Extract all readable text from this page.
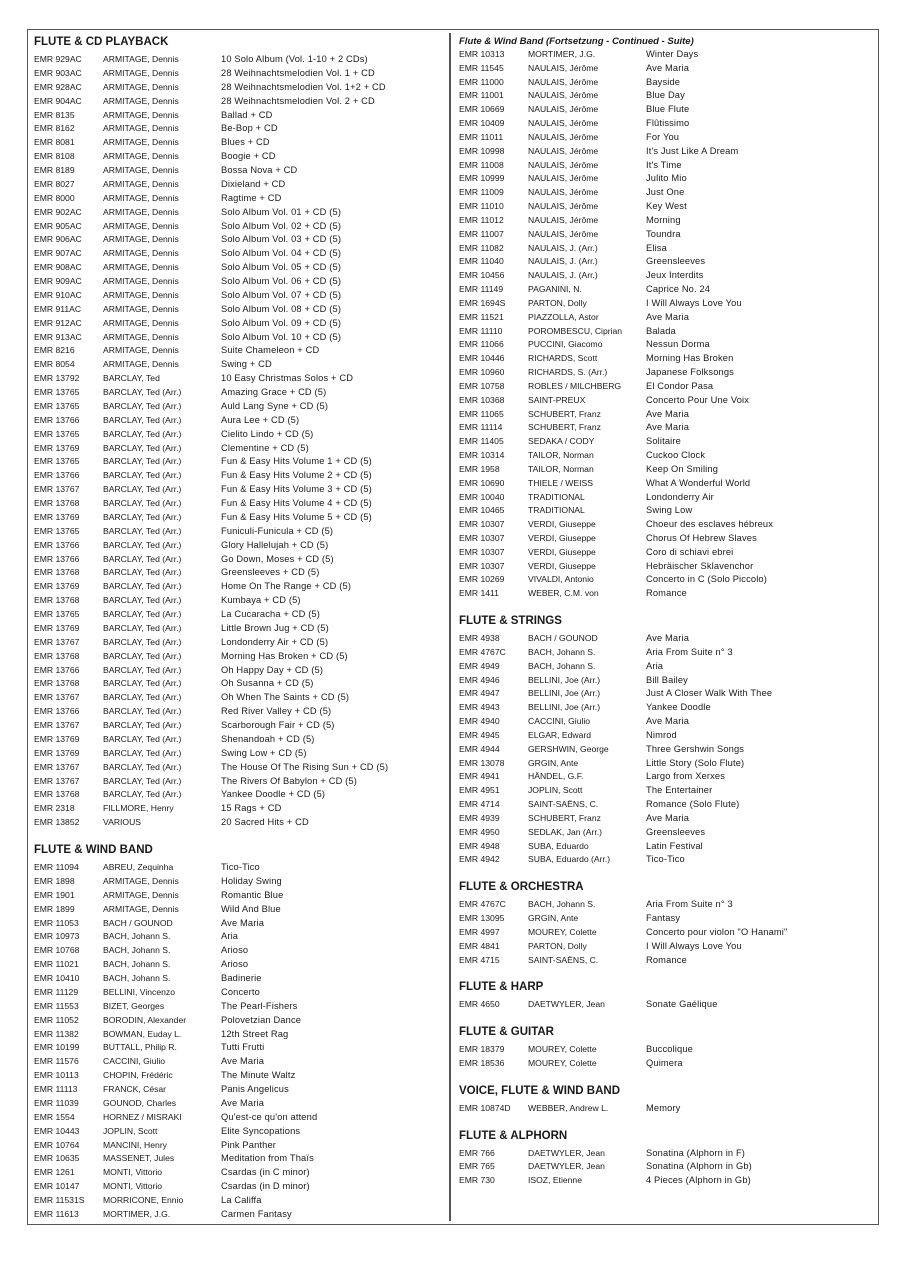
FLUTE & CD PLAYBACK
EMR 929AC	ARMITAGE, Dennis	10 Solo Album (Vol. 1-10 + 2 CDs)
EMR 903AC	ARMITAGE, Dennis	28 Weihnachtsmelodien Vol. 1 + CD
EMR 928AC	ARMITAGE, Dennis	28 Weihnachtsmelodien Vol. 1+2 + CD
EMR 904AC	ARMITAGE, Dennis	28 Weihnachtsmelodien Vol. 2 + CD
EMR 8135	ARMITAGE, Dennis	Ballad + CD
EMR 8162	ARMITAGE, Dennis	Be-Bop + CD
EMR 8081	ARMITAGE, Dennis	Blues + CD
EMR 8108	ARMITAGE, Dennis	Boogie + CD
EMR 8189	ARMITAGE, Dennis	Bossa Nova + CD
EMR 8027	ARMITAGE, Dennis	Dixieland + CD
EMR 8000	ARMITAGE, Dennis	Ragtime + CD
EMR 902AC	ARMITAGE, Dennis	Solo Album Vol. 01 + CD (5)
EMR 905AC	ARMITAGE, Dennis	Solo Album Vol. 02 + CD (5)
EMR 906AC	ARMITAGE, Dennis	Solo Album Vol. 03 + CD (5)
EMR 907AC	ARMITAGE, Dennis	Solo Album Vol. 04 + CD (5)
EMR 908AC	ARMITAGE, Dennis	Solo Album Vol. 05 + CD (5)
EMR 909AC	ARMITAGE, Dennis	Solo Album Vol. 06 + CD (5)
EMR 910AC	ARMITAGE, Dennis	Solo Album Vol. 07 + CD (5)
EMR 911AC	ARMITAGE, Dennis	Solo Album Vol. 08 + CD (5)
EMR 912AC	ARMITAGE, Dennis	Solo Album Vol. 09 + CD (5)
EMR 913AC	ARMITAGE, Dennis	Solo Album Vol. 10 + CD (5)
EMR 8216	ARMITAGE, Dennis	Suite Chameleon + CD
EMR 8054	ARMITAGE, Dennis	Swing + CD
EMR 13792	BARCLAY, Ted	10 Easy Christmas Solos + CD
EMR 13765	BARCLAY, Ted (Arr.)	Amazing Grace + CD (5)
EMR 13765	BARCLAY, Ted (Arr.)	Auld Lang Syne + CD (5)
EMR 13766	BARCLAY, Ted (Arr.)	Aura Lee + CD (5)
EMR 13765	BARCLAY, Ted (Arr.)	Cielito Lindo + CD (5)
EMR 13769	BARCLAY, Ted (Arr.)	Clementine + CD (5)
EMR 13765	BARCLAY, Ted (Arr.)	Fun & Easy Hits Volume 1 + CD (5)
EMR 13766	BARCLAY, Ted (Arr.)	Fun & Easy Hits Volume 2 + CD (5)
EMR 13767	BARCLAY, Ted (Arr.)	Fun & Easy Hits Volume 3 + CD (5)
EMR 13768	BARCLAY, Ted (Arr.)	Fun & Easy Hits Volume 4 + CD (5)
EMR 13769	BARCLAY, Ted (Arr.)	Fun & Easy Hits Volume 5 + CD (5)
EMR 13765	BARCLAY, Ted (Arr.)	Funiculi-Funicula + CD (5)
EMR 13766	BARCLAY, Ted (Arr.)	Glory Hallelujah + CD (5)
EMR 13766	BARCLAY, Ted (Arr.)	Go Down, Moses + CD (5)
EMR 13768	BARCLAY, Ted (Arr.)	Greensleeves + CD (5)
EMR 13769	BARCLAY, Ted (Arr.)	Home On The Range + CD (5)
EMR 13768	BARCLAY, Ted (Arr.)	Kumbaya + CD (5)
EMR 13765	BARCLAY, Ted (Arr.)	La Cucaracha + CD (5)
EMR 13769	BARCLAY, Ted (Arr.)	Little Brown Jug + CD (5)
EMR 13767	BARCLAY, Ted (Arr.)	Londonderry Air + CD (5)
EMR 13768	BARCLAY, Ted (Arr.)	Morning Has Broken + CD (5)
EMR 13766	BARCLAY, Ted (Arr.)	Oh Happy Day + CD (5)
EMR 13768	BARCLAY, Ted (Arr.)	Oh Susanna + CD (5)
EMR 13767	BARCLAY, Ted (Arr.)	Oh When The Saints + CD (5)
EMR 13766	BARCLAY, Ted (Arr.)	Red River Valley + CD (5)
EMR 13767	BARCLAY, Ted (Arr.)	Scarborough Fair + CD (5)
EMR 13769	BARCLAY, Ted (Arr.)	Shenandoah + CD (5)
EMR 13769	BARCLAY, Ted (Arr.)	Swing Low + CD (5)
EMR 13767	BARCLAY, Ted (Arr.)	The House Of The Rising Sun + CD (5)
EMR 13767	BARCLAY, Ted (Arr.)	The Rivers Of Babylon + CD (5)
EMR 13768	BARCLAY, Ted (Arr.)	Yankee Doodle + CD (5)
EMR 2318	FILLMORE, Henry	15 Rags + CD
EMR 13852	VARIOUS	20 Sacred Hits + CD
FLUTE & WIND BAND
EMR 11094	ABREU, Zequinha	Tico-Tico
EMR 1898	ARMITAGE, Dennis	Holiday Swing
EMR 1901	ARMITAGE, Dennis	Romantic Blue
EMR 1899	ARMITAGE, Dennis	Wild And Blue
EMR 11053	BACH / GOUNOD	Ave Maria
EMR 10973	BACH, Johann S.	Aria
EMR 10768	BACH, Johann S.	Arioso
EMR 11021	BACH, Johann S.	Arioso
EMR 10410	BACH, Johann S.	Badinerie
EMR 11129	BELLINI, Vincenzo	Concerto
EMR 11553	BIZET, Georges	The Pearl-Fishers
EMR 11052	BORODIN, Alexander	Polovetzian Dance
EMR 11382	BOWMAN, Euday L.	12th Street Rag
EMR 10199	BUTTALL, Philip R.	Tutti Frutti
EMR 11576	CACCINI, Giulio	Ave Maria
EMR 10113	CHOPIN, Frédéric	The Minute Waltz
EMR 11113	FRANCK, César	Panis Angelicus
EMR 11039	GOUNOD, Charles	Ave Maria
EMR 1554	HORNEZ / MISRAKI	Qu'est-ce qu'on attend
EMR 10443	JOPLIN, Scott	Elite Syncopations
EMR 10764	MANCINI, Henry	Pink Panther
EMR 10635	MASSENET, Jules	Meditation from Thaïs
EMR 1261	MONTI, Vittorio	Csardas (in C minor)
EMR 10147	MONTI, Vittorio	Csardas (in D minor)
EMR 11531S	MORRICONE, Ennio	La Califfa
EMR 11613	MORTIMER, J.G.	Carmen Fantasy
Flute & Wind Band (Fortsetzung - Continued - Suite)
EMR 10313	MORTIMER, J.G.	Winter Days
EMR 11545	NAULAIS, Jérôme	Ave Maria
EMR 11000	NAULAIS, Jérôme	Bayside
EMR 11001	NAULAIS, Jérôme	Blue Day
EMR 10669	NAULAIS, Jérôme	Blue Flute
EMR 10409	NAULAIS, Jérôme	Flûtissimo
EMR 11011	NAULAIS, Jérôme	For You
EMR 10998	NAULAIS, Jérôme	It's Just Like A Dream
EMR 11008	NAULAIS, Jérôme	It's Time
EMR 10999	NAULAIS, Jérôme	Julito Mio
EMR 11009	NAULAIS, Jérôme	Just One
EMR 11010	NAULAIS, Jérôme	Key West
EMR 11012	NAULAIS, Jérôme	Morning
EMR 11007	NAULAIS, Jérôme	Toundra
EMR 11082	NAULAIS, J. (Arr.)	Elisa
EMR 11040	NAULAIS, J. (Arr.)	Greensleeves
EMR 10456	NAULAIS, J. (Arr.)	Jeux Interdits
EMR 11149	PAGANINI, N.	Caprice No. 24
EMR 1694S	PARTON, Dolly	I Will Always Love You
EMR 11521	PIAZZOLLA, Astor	Ave Maria
EMR 11110	POROMBESCU, Ciprian	Balada
EMR 11066	PUCCINI, Giacomo	Nessun Dorma
EMR 10446	RICHARDS, Scott	Morning Has Broken
EMR 10960	RICHARDS, S. (Arr.)	Japanese Folksongs
EMR 10758	ROBLES / MILCHBERG	El Condor Pasa
EMR 10368	SAINT-PREUX	Concerto Pour Une Voix
EMR 11065	SCHUBERT, Franz	Ave Maria
EMR 11114	SCHUBERT, Franz	Ave Maria
EMR 11405	SEDAKA / CODY	Solitaire
EMR 10314	TAILOR, Norman	Cuckoo Clock
EMR 1958	TAILOR, Norman	Keep On Smiling
EMR 10690	THIELE / WEISS	What A Wonderful World
EMR 10040	TRADITIONAL	Londonderry Air
EMR 10465	TRADITIONAL	Swing Low
EMR 10307	VERDI, Giuseppe	Choeur des esclaves hébreux
EMR 10307	VERDI, Giuseppe	Chorus Of Hebrew Slaves
EMR 10307	VERDI, Giuseppe	Coro di schiavi ebrei
EMR 10307	VERDI, Giuseppe	Hebräischer Sklavenchor
EMR 10269	VIVALDI, Antonio	Concerto in C (Solo Piccolo)
EMR 1411	WEBER, C.M. von	Romance
FLUTE & STRINGS
EMR 4938	BACH / GOUNOD	Ave Maria
EMR 4767C	BACH, Johann S.	Aria From Suite n° 3
EMR 4949	BACH, Johann S.	Aria
EMR 4946	BELLINI, Joe (Arr.)	Bill Bailey
EMR 4947	BELLINI, Joe (Arr.)	Just A Closer Walk With Thee
EMR 4943	BELLINI, Joe (Arr.)	Yankee Doodle
EMR 4940	CACCINI, Giulio	Ave Maria
EMR 4945	ELGAR, Edward	Nimrod
EMR 4944	GERSHWIN, George	Three Gershwin Songs
EMR 13078	GRGIN, Ante	Little Story (Solo Flute)
EMR 4941	HÄNDEL, G.F.	Largo from Xerxes
EMR 4951	JOPLIN, Scott	The Entertainer
EMR 4714	SAINT-SAËNS, C.	Romance (Solo Flute)
EMR 4939	SCHUBERT, Franz	Ave Maria
EMR 4950	SEDLAK, Jan (Arr.)	Greensleeves
EMR 4948	SUBA, Eduardo	Latin Festival
EMR 4942	SUBA, Eduardo (Arr.)	Tico-Tico
FLUTE & ORCHESTRA
EMR 4767C	BACH, Johann S.	Aria From Suite n° 3
EMR 13095	GRGIN, Ante	Fantasy
EMR 4997	MOUREY, Colette	Concerto pour violon "O Hanami"
EMR 4841	PARTON, Dolly	I Will Always Love You
EMR 4715	SAINT-SAËNS, C.	Romance
FLUTE & HARP
EMR 4650	DAETWYLER, Jean	Sonate Gaélique
FLUTE & GUITAR
EMR 18379	MOUREY, Colette	Buccolique
EMR 18536	MOUREY, Colette	Quimera
VOICE, FLUTE & WIND BAND
EMR 10874D	WEBBER, Andrew L.	Memory
FLUTE & ALPHORN
EMR 766	DAETWYLER, Jean	Sonatina (Alphorn in F)
EMR 765	DAETWYLER, Jean	Sonatina (Alphorn in Gb)
EMR 730	ISOZ, Etienne	4 Pieces (Alphorn in Gb)
